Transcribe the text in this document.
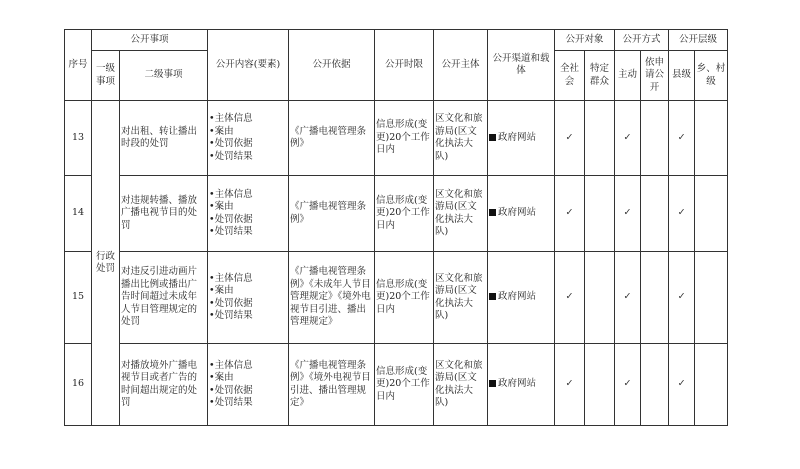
序号	公开事项		公开内容(要素)	公开依据	公开时限	公开主体	公开渠道和载体	公开对象		公开方式		公开层级	
	一级事项	二级事项						全社会	特定群众	主动	依申请公开	县级	乡、村级
13	行政处罚	对出租、转让播出时段的处罚	•主体信息
•案由
•处罚依据
•处罚结果	《广播电视管理条例》	信息形成(变更)20个工作日内	区文化和旅游局(区文化执法大队)	政府网站	✓		✓		✓	
14		对违规转播、播放广播电视节目的处罚	•主体信息
•案由
•处罚依据
•处罚结果	《广播电视管理条例》	信息形成(变更)20个工作日内	区文化和旅游局(区文化执法大队)	政府网站	✓		✓		✓	
15		对违反引进动画片播出比例或播出广告时间超过未成年人节目管理规定的处罚	•主体信息
•案由
•处罚依据
•处罚结果	《广播电视管理条例》《未成年人节目管理规定》《境外电视节目引进、播出管理规定》	信息形成(变更)20个工作日内	区文化和旅游局(区文化执法大队)	政府网站	✓		✓		✓	
16		对播放境外广播电视节目或者广告的时间超出规定的处罚	•主体信息
•案由
•处罚依据
•处罚结果	《广播电视管理条例》《境外电视节目引进、播出管理规定》	信息形成(变更)20个工作日内	区文化和旅游局(区文化执法大队)	政府网站	✓		✓		✓	
